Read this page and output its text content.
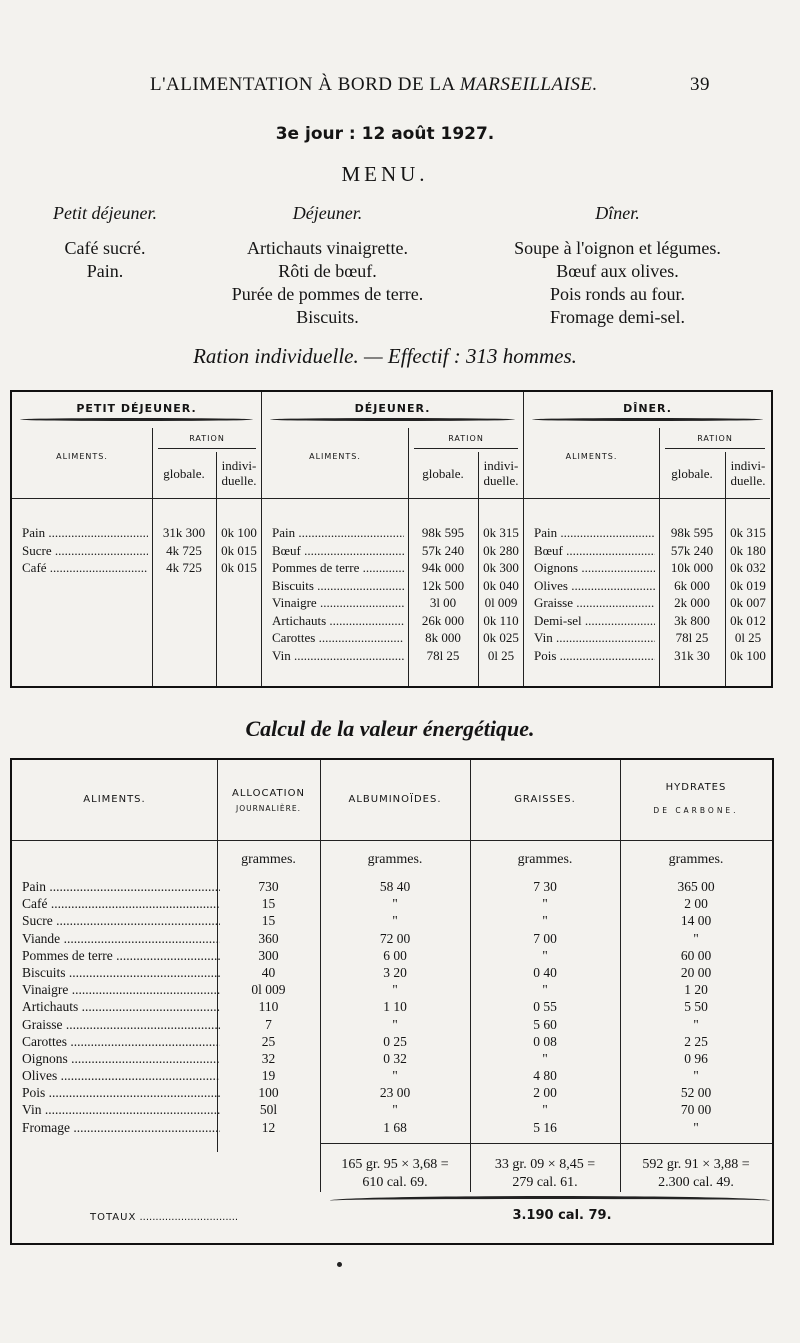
L'ALIMENTATION À BORD DE LA MARSEILLAISE.	39
3e jour : 12 août 1927.
MENU.
Petit déjeuner.
Café sucré.
Pain.
Déjeuner.
Artichauts vinaigrette.
Rôti de bœuf.
Purée de pommes de terre.
Biscuits.
Dîner.
Soupe à l'oignon et légumes.
Bœuf aux olives.
Pois ronds au four.
Fromage demi-sel.
Ration individuelle. — Effectif : 313 hommes.
PETIT DÉJEUNER.
ALIMENTS.
RATION
globale.
indivi-duelle.
Pain .....	31k 300	0k 100
Sucre .....	4k 725	0k 015
Café .....	4k 725	0k 015
DÉJEUNER.
ALIMENTS.
RATION
globale.
indivi-duelle.
Pain .....	98k 595	0k 315
Bœuf .....	57k 240	0k 280
Pommes de terre .....	94k 000	0k 300
Biscuits .....	12k 500	0k 040
Vinaigre .....	3l 00	0l 009
Artichauts .....	26k 000	0k 110
Carottes .....	8k 000	0k 025
Vin .....	78l 25	0l 25
DÎNER.
ALIMENTS.
RATION
globale.
indivi-duelle.
Pain .....	98k 595	0k 315
Bœuf .....	57k 240	0k 180
Oignons .....	10k 000	0k 032
Olives .....	6k 000	0k 019
Graisse .....	2k 000	0k 007
Demi-sel .....	3k 800	0k 012
Vin .....	78l 25	0l 25
Pois .....	31k 30	0k 100
Calcul de la valeur énergétique.
ALIMENTS.
ALLOCATION
JOURNALIÈRE.
ALBUMINOÏDES.	GRAISSES.
HYDRATES
DE CARBONE.
grammes.	grammes.	grammes.	grammes.
Pain .....	730	58 40	7 30	365 00
Café .....	15	"	"	2 00
Sucre .....	15	"	"	14 00
Viande .....	360	72 00	7 00	"
Pommes de terre .....	300	6 00	"	60 00
Biscuits .....	40	3 20	0 40	20 00
Vinaigre .....	0l 009	"	"	1 20
Artichauts .....	110	1 10	0 55	5 50
Graisse .....	7	"	5 60	"
Carottes .....	25	0 25	0 08	2 25
Oignons .....	32	0 32	"	0 96
Olives .....	19	"	4 80	"
Pois .....	100	23 00	2 00	52 00
Vin .....	50l	"	"	70 00
Fromage .....	12	1 68	5 16	"
165 gr. 95 × 3,68 =
610 cal. 69.
33 gr. 09 × 8,45 =
279 cal. 61.
592 gr. 91 × 3,88 =
2.300 cal. 49.
TOTAUX .....	3.190 cal. 79.
